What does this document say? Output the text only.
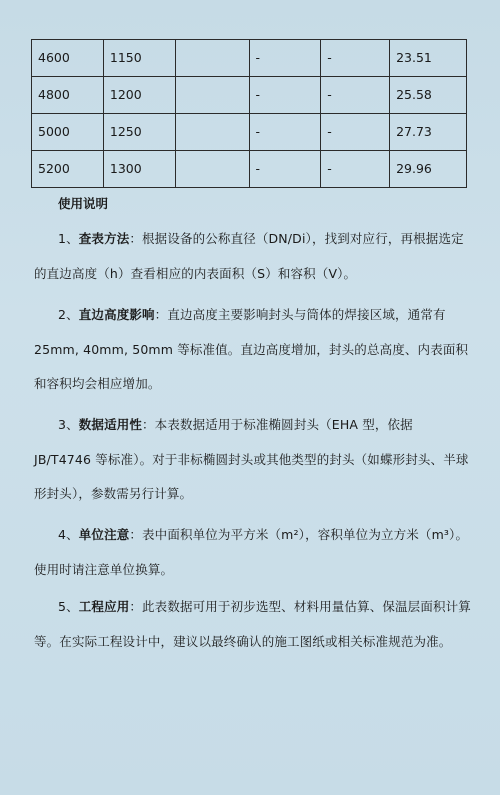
4600	1150		-	-	23.51
4800	1200		-	-	25.58
5000	1250		-	-	27.73
5200	1300		-	-	29.96
使用说明
1、查表方法：根据设备的公称直径（DN/Di），找到对应行，再根据选定的直边高度（h）查看相应的内表面积（S）和容积（V）。
2、直边高度影响：直边高度主要影响封头与筒体的焊接区域，通常有 25mm, 40mm, 50mm 等标准值。直边高度增加，封头的总高度、内表面积和容积均会相应增加。
3、数据适用性：本表数据适用于标准椭圆封头（EHA 型，依据 JB/T4746 等标准）。对于非标椭圆封头或其他类型的封头（如蝶形封头、半球形封头），参数需另行计算。
4、单位注意：表中面积单位为平方米（m²），容积单位为立方米（m³）。使用时请注意单位换算。
5、工程应用：此表数据可用于初步选型、材料用量估算、保温层面积计算等。在实际工程设计中，建议以最终确认的施工图纸或相关标准规范为准。
